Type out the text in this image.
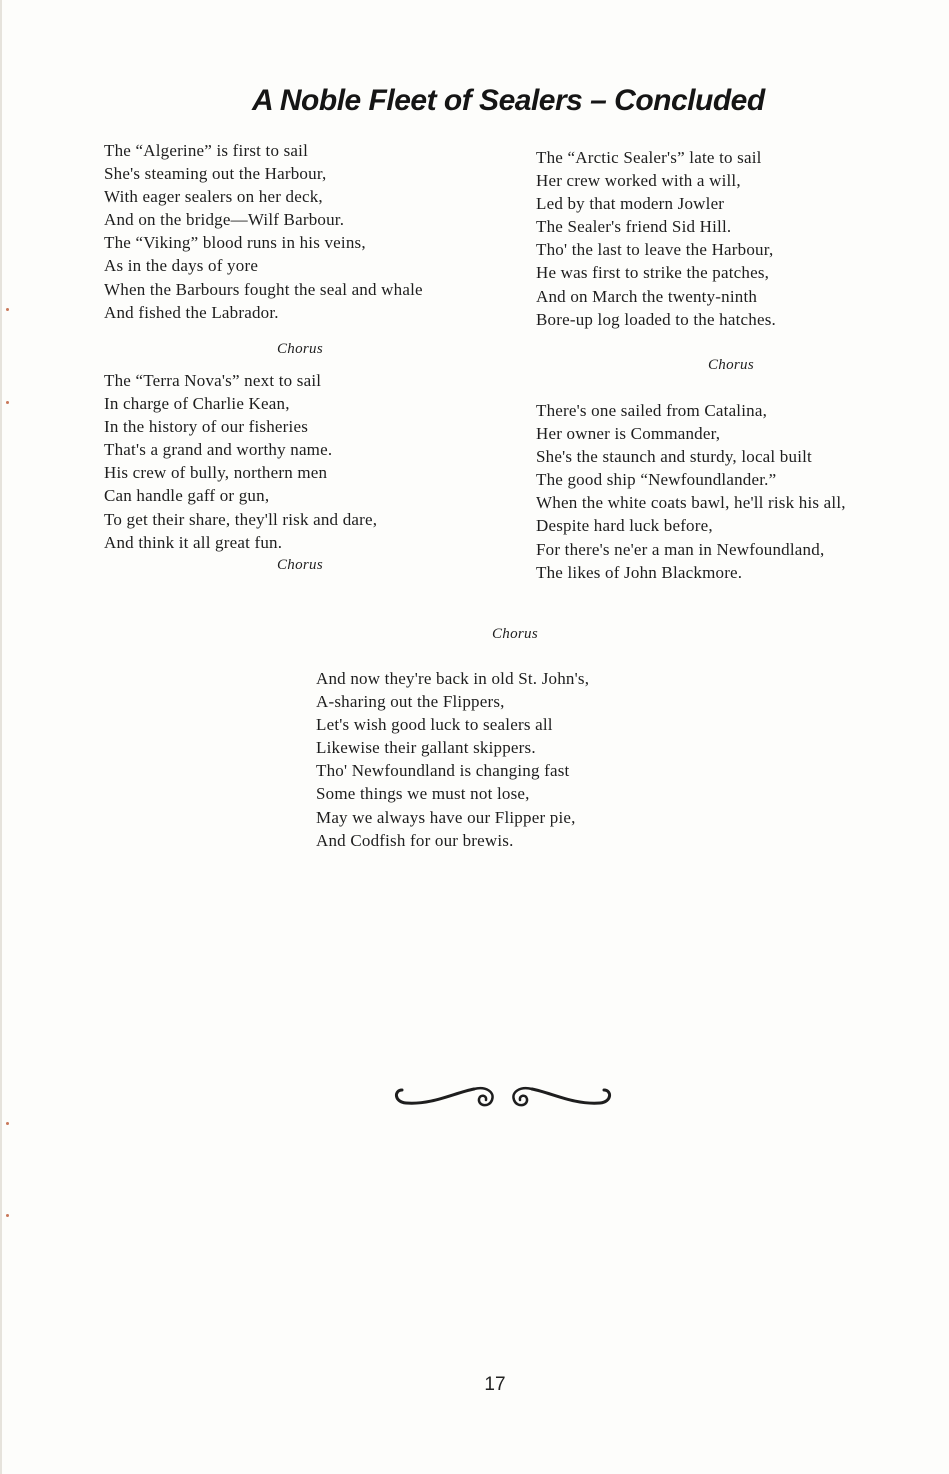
A Noble Fleet of Sealers – Concluded
The “Algerine” is first to sail
She's steaming out the Harbour,
With eager sealers on her deck,
And on the bridge—Wilf Barbour.
The “Viking” blood runs in his veins,
As in the days of yore
When the Barbours fought the seal and whale
And fished the Labrador.
Chorus
The “Terra Nova's” next to sail
In charge of Charlie Kean,
In the history of our fisheries
That's a grand and worthy name.
His crew of bully, northern men
Can handle gaff or gun,
To get their share, they'll risk and dare,
And think it all great fun.
Chorus
The “Arctic Sealer's” late to sail
Her crew worked with a will,
Led by that modern Jowler
The Sealer's friend Sid Hill.
Tho' the last to leave the Harbour,
He was first to strike the patches,
And on March the twenty-ninth
Bore-up log loaded to the hatches.
Chorus
There's one sailed from Catalina,
Her owner is Commander,
She's the staunch and sturdy, local built
The good ship “Newfoundlander.”
When the white coats bawl, he'll risk his all,
Despite hard luck before,
For there's ne'er a man in Newfoundland,
The likes of John Blackmore.
Chorus
And now they're back in old St. John's,
A-sharing out the Flippers,
Let's wish good luck to sealers all
Likewise their gallant skippers.
Tho' Newfoundland is changing fast
Some things we must not lose,
May we always have our Flipper pie,
And Codfish for our brewis.
17
